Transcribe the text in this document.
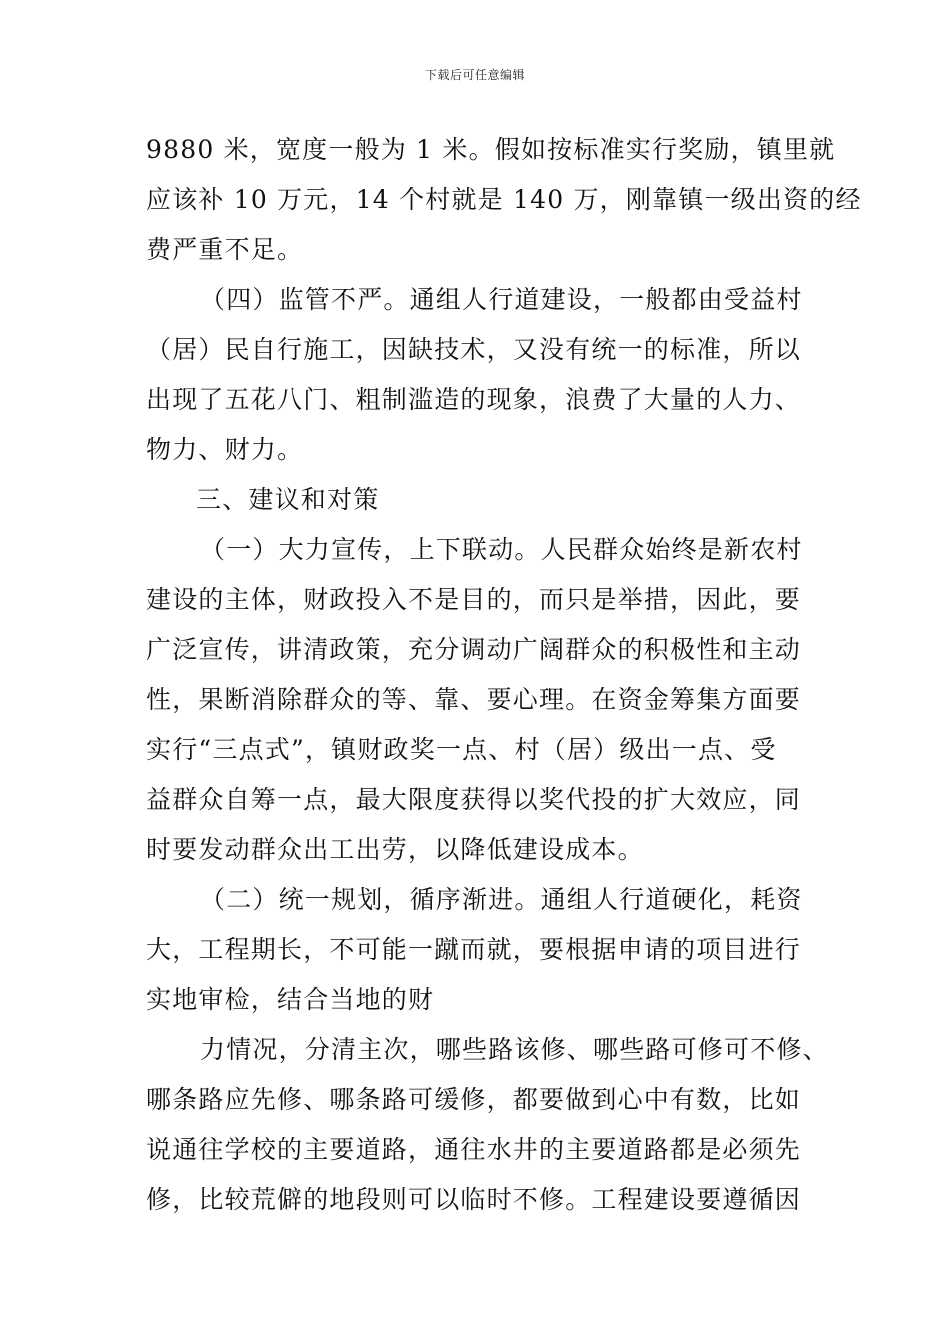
下载后可任意编辑
9880 米，宽度一般为 1 米。假如按标准实行奖励，镇里就
应该补 10 万元，14 个村就是 140 万，刚靠镇一级出资的经
费严重不足。
（四）监管不严。通组人行道建设，一般都由受益村
（居）民自行施工，因缺技术，又没有统一的标准，所以
出现了五花八门、粗制滥造的现象，浪费了大量的人力、
物力、财力。
三、建议和对策
（一）大力宣传，上下联动。人民群众始终是新农村
建设的主体，财政投入不是目的，而只是举措，因此，要
广泛宣传，讲清政策，充分调动广阔群众的积极性和主动
性，果断消除群众的等、靠、要心理。在资金筹集方面要
实行“三点式”，镇财政奖一点、村（居）级出一点、受
益群众自筹一点，最大限度获得以奖代投的扩大效应，同
时要发动群众出工出劳，以降低建设成本。
（二）统一规划，循序渐进。通组人行道硬化，耗资
大，工程期长，不可能一蹴而就，要根据申请的项目进行
实地审检，结合当地的财
力情况，分清主次，哪些路该修、哪些路可修可不修、
哪条路应先修、哪条路可缓修，都要做到心中有数，比如
说通往学校的主要道路，通往水井的主要道路都是必须先
修，比较荒僻的地段则可以临时不修。工程建设要遵循因
